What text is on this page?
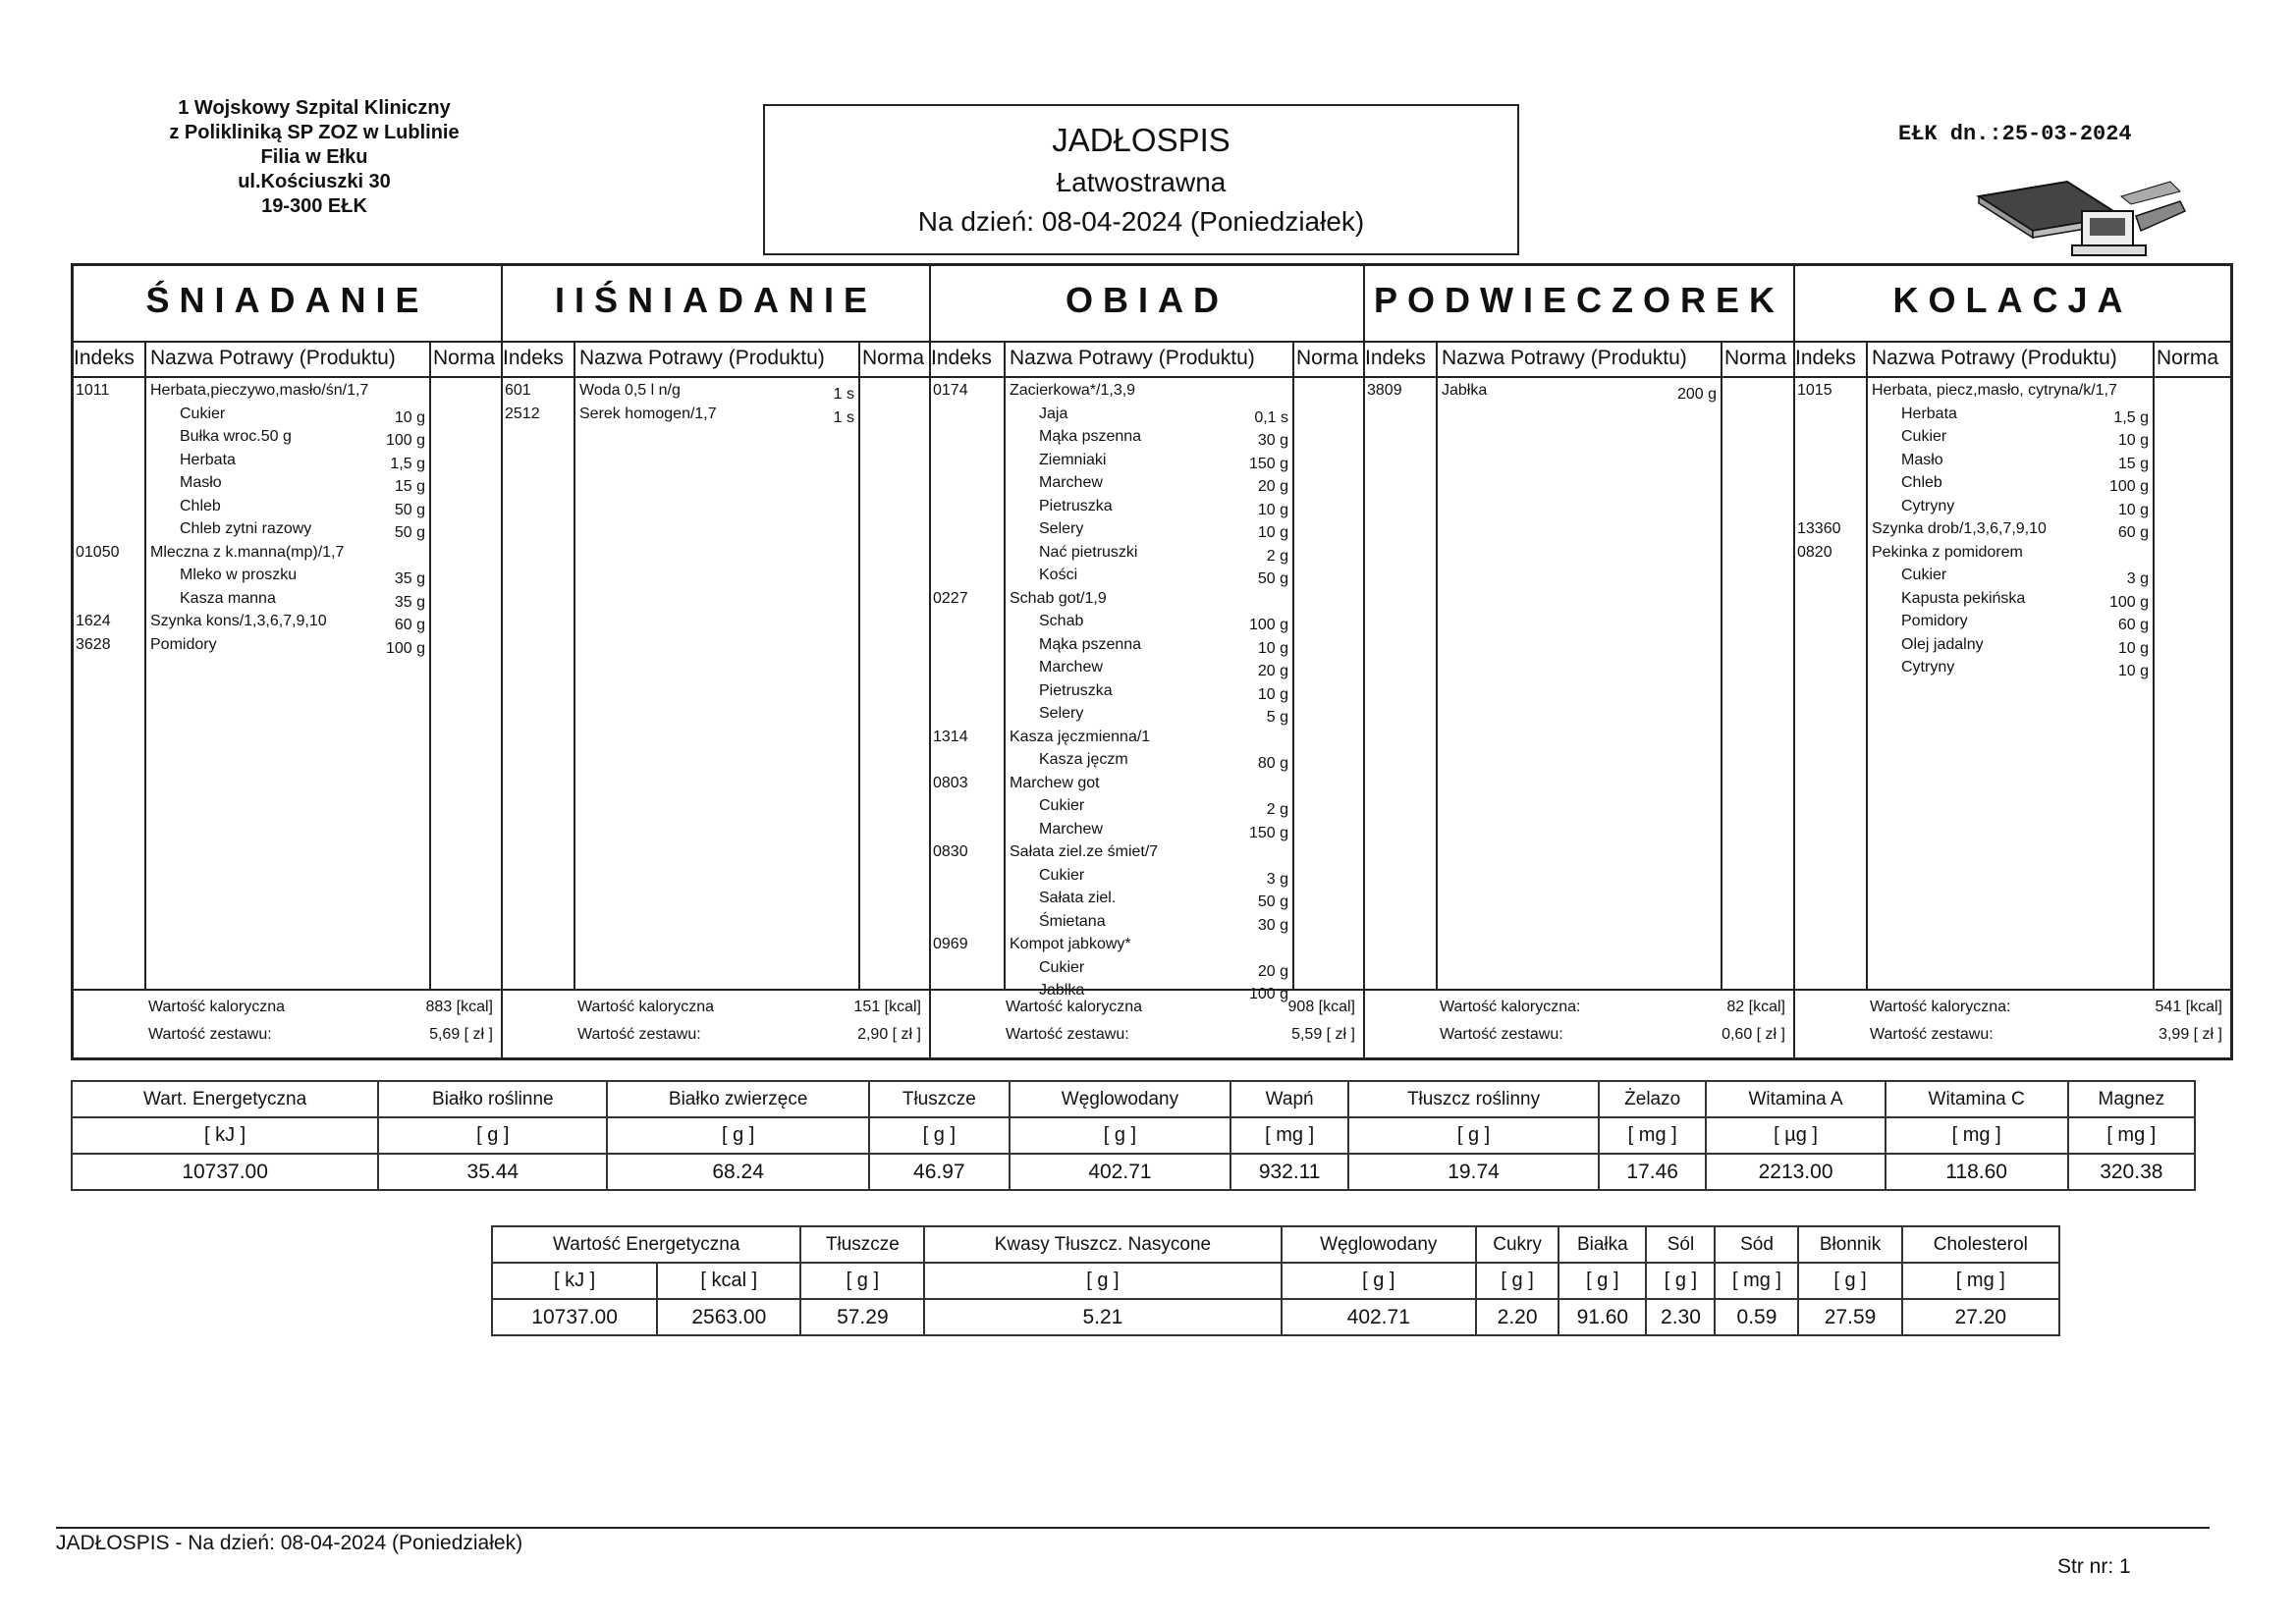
1 Wojskowy Szpital Kliniczny
z Polikliniką SP ZOZ w Lublinie
Filia w Ełku
ul.Kościuszki 30
19-300 EŁK
JADŁOSPIS
Łatwostrawna
Na dzień: 08-04-2024 (Poniedziałek)
EŁK dn.:25-03-2024
ŚNIADANIE
Indeks Nazwa Potrawy (Produktu) Norma
1011	Herbata,pieczywo,masło/śn/1,7
Cukier	10 g
Bułka wroc.50 g	100 g
Herbata	1,5 g
Masło	15 g
Chleb	50 g
Chleb zytni razowy	50 g
01050 Mleczna z k.manna(mp)/1,7
Mleko w proszku	35 g
Kasza manna	35 g
1624	Szynka kons/1,3,6,7,9,10	60 g
3628	Pomidory	100 g
Wartość kaloryczna	883 [kcal]
Wartość zestawu:	5,69 [ zł ]
IIŚNIADANIE
Indeks Nazwa Potrawy (Produktu) Norma
601	Woda 0,5 l n/g	1 s
2512	Serek homogen/1,7	1 s
Wartość kaloryczna	151 [kcal]
Wartość zestawu:	2,90 [ zł ]
OBIAD
Indeks Nazwa Potrawy (Produktu) Norma
0174	Zacierkowa*/1,3,9
Jaja	0,1 s
Mąka pszenna	30 g
Ziemniaki	150 g
Marchew	20 g
Pietruszka	10 g
Selery	10 g
Nać pietruszki	2 g
Kości	50 g
0227	Schab got/1,9
Schab	100 g
Mąka pszenna	10 g
Marchew	20 g
Pietruszka	10 g
Selery	5 g
1314	Kasza jęczmienna/1
Kasza jęczm	80 g
0803	Marchew got
Cukier	2 g
Marchew	150 g
0830	Sałata ziel.ze śmiet/7
Cukier	3 g
Sałata ziel.	50 g
Śmietana	30 g
0969	Kompot jabkowy*
Cukier	20 g
Jabłka	100 g
Wartość kaloryczna	908 [kcal]
Wartość zestawu:	5,59 [ zł ]
PODWIECZOREK
Indeks Nazwa Potrawy (Produktu) Norma
3809	Jabłka	200 g
Wartość kaloryczna:	82 [kcal]
Wartość zestawu:	0,60 [ zł ]
KOLACJA
Indeks Nazwa Potrawy (Produktu) Norma
1015	Herbata, piecz,masło, cytryna/k/1,7
Herbata	1,5 g
Cukier	10 g
Masło	15 g
Chleb	100 g
Cytryny	10 g
13360 Szynka drob/1,3,6,7,9,10	60 g
0820	Pekinka z pomidorem
Cukier	3 g
Kapusta pekińska	100 g
Pomidory	60 g
Olej jadalny	10 g
Cytryny	10 g
Wartość kaloryczna:	541 [kcal]
Wartość zestawu:	3,99 [ zł ]
Wart. Energetyczna	Białko roślinne	Białko zwierzęce	Tłuszcze	Węglowodany	Wapń	Tłuszcz roślinny	Żelazo	Witamina A	Witamina C	Magnez
[ kJ ]	[ g ]	[ g ]	[ g ]	[ g ]	[ mg ]	[ g ]	[ mg ]	[ µg ]	[ mg ]	[ mg ]
10737.00	35.44	68.24	46.97	402.71	932.11	19.74	17.46	2213.00	118.60	320.38
Wartość Energetyczna		Tłuszcze	Kwasy Tłuszcz. Nasycone	Węglowodany	Cukry	Białka	Sól	Sód	Błonnik	Cholesterol
[ kJ ]	[ kcal ]	[ g ]	[ g ]	[ g ]	[ g ]	[ g ]	[ g ]	[ mg ]	[ g ]	[ mg ]
10737.00	2563.00	57.29	5.21	402.71	2.20	91.60	2.30	0.59	27.59	27.20
JADŁOSPIS - Na dzień: 08-04-2024 (Poniedziałek)
Str nr: 1
